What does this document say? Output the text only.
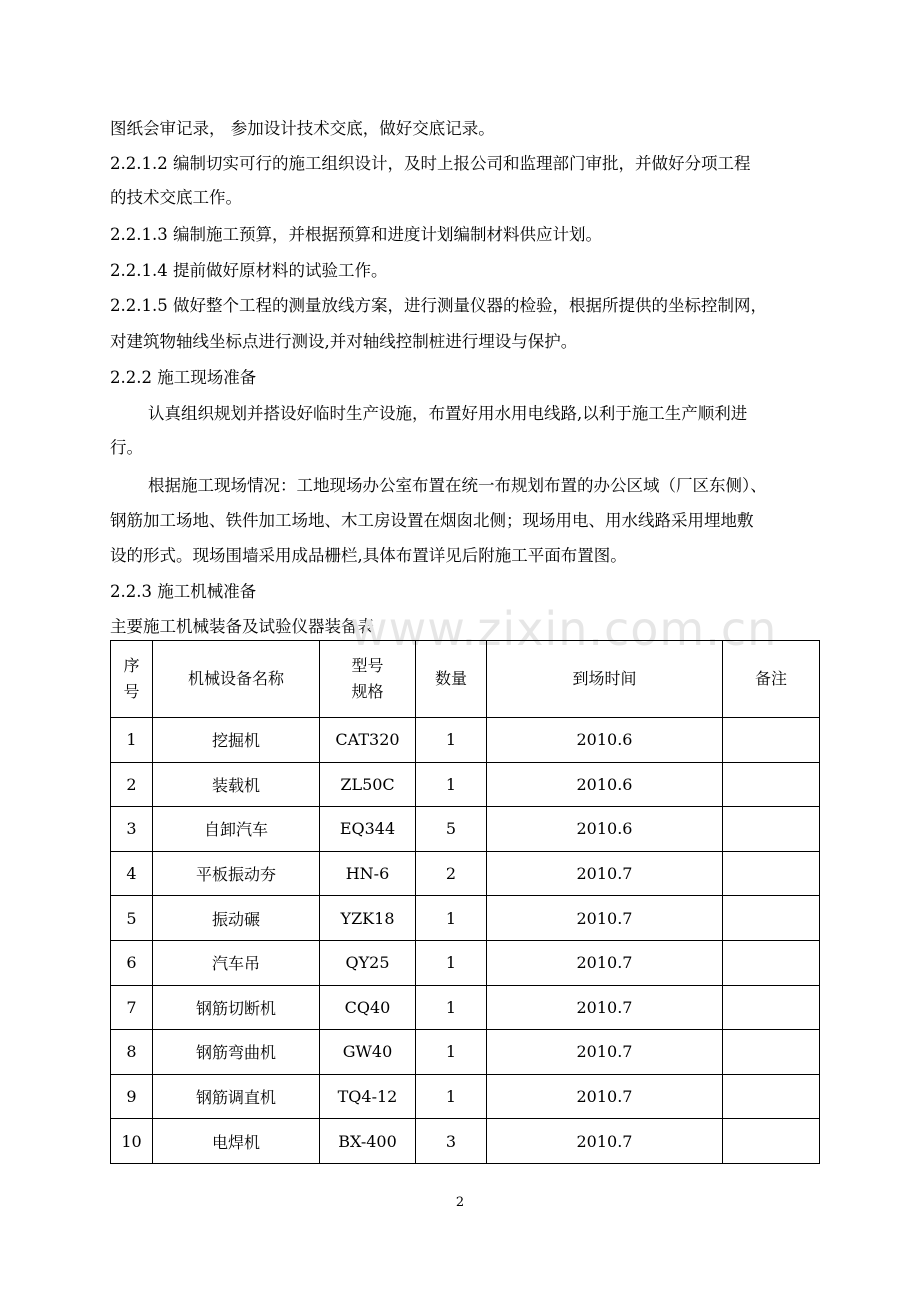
图纸会审记录， 参加设计技术交底，做好交底记录。
2.2.1.2 编制切实可行的施工组织设计，及时上报公司和监理部门审批，并做好分项工程
的技术交底工作。
2.2.1.3 编制施工预算，并根据预算和进度计划编制材料供应计划。
2.2.1.4 提前做好原材料的试验工作。
2.2.1.5 做好整个工程的测量放线方案，进行测量仪器的检验，根据所提供的坐标控制网，
对建筑物轴线坐标点进行测设,并对轴线控制桩进行埋设与保护。
2.2.2 施工现场准备
认真组织规划并搭设好临时生产设施，布置好用水用电线路,以利于施工生产顺利进
行。
根据施工现场情况：工地现场办公室布置在统一布规划布置的办公区域（厂区东侧）、
钢筋加工场地、铁件加工场地、木工房设置在烟囱北侧；现场用电、用水线路采用埋地敷
设的形式。现场围墙采用成品栅栏,具体布置详见后附施工平面布置图。
2.2.3 施工机械准备
主要施工机械装备及试验仪器装备表
www.zixin.com.cn
序
号	机械设备名称	型号
规格	数量	到场时间	备注
1	挖掘机	CAT320	1	2010.6	
2	装载机	ZL50C	1	2010.6	
3	自卸汽车	EQ344	5	2010.6	
4	平板振动夯	HN-6	2	2010.7	
5	振动碾	YZK18	1	2010.7	
6	汽车吊	QY25	1	2010.7	
7	钢筋切断机	CQ40	1	2010.7	
8	钢筋弯曲机	GW40	1	2010.7	
9	钢筋调直机	TQ4-12	1	2010.7	
10	电焊机	BX-400	3	2010.7	
2
